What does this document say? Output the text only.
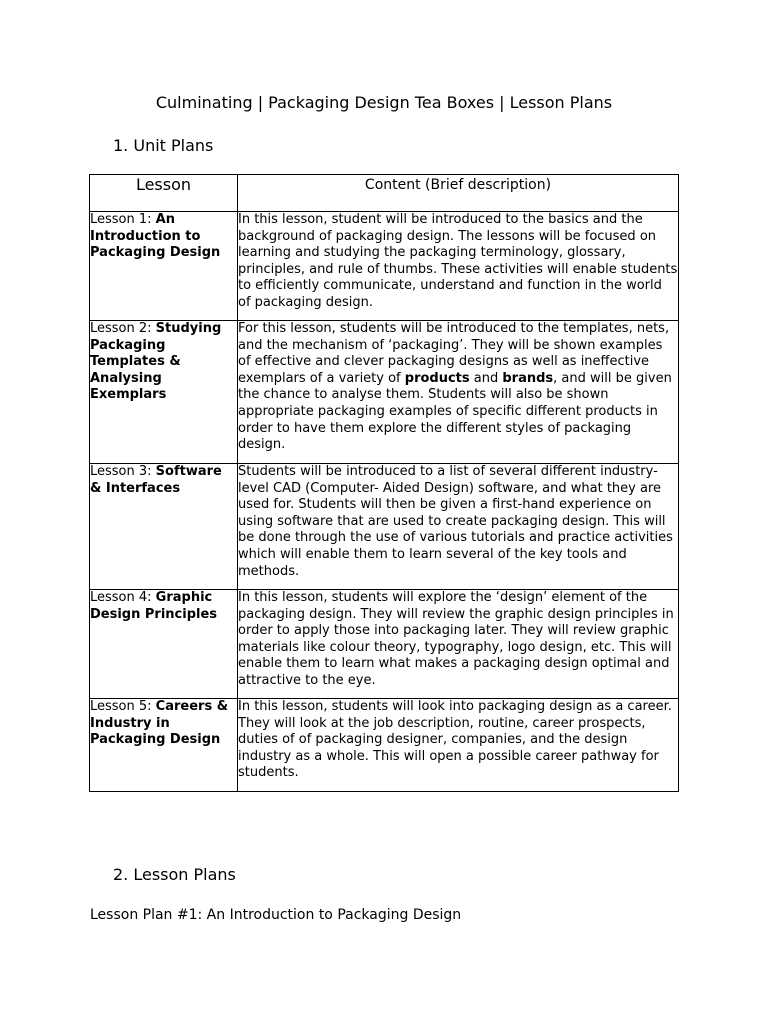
Culminating | Packaging Design Tea Boxes | Lesson Plans
1. Unit Plans
Lesson	Content (Brief description)
Lesson 1: An Introduction to Packaging Design	In this lesson, student will be introduced to the basics and the background of packaging design. The lessons will be focused on learning and studying the packaging terminology, glossary, principles, and rule of thumbs. These activities will enable students to efficiently communicate, understand and function in the world of packaging design.
Lesson 2: Studying Packaging Templates & Analysing Exemplars	For this lesson, students will be introduced to the templates, nets, and the mechanism of ‘packaging’. They will be shown examples of effective and clever packaging designs as well as ineffective exemplars of a variety of products and brands, and will be given the chance to analyse them. Students will also be shown appropriate packaging examples of specific different products in order to have them explore the different styles of packaging design.
Lesson 3: Software & Interfaces	Students will be introduced to a list of several different industry-level CAD (Computer- Aided Design) software, and what they are used for. Students will then be given a first-hand experience on using software that are used to create packaging design. This will be done through the use of various tutorials and practice activities which will enable them to learn several of the key tools and methods.
Lesson 4: Graphic Design Principles	In this lesson, students will explore the ‘design’ element of the packaging design. They will review the graphic design principles in order to apply those into packaging later. They will review graphic materials like colour theory, typography, logo design, etc. This will enable them to learn what makes a packaging design optimal and attractive to the eye.
Lesson 5: Careers & Industry in Packaging Design	In this lesson, students will look into packaging design as a career. They will look at the job description, routine, career prospects, duties of of packaging designer, companies, and the design industry as a whole. This will open a possible career pathway for students.
2. Lesson Plans
Lesson Plan #1: An Introduction to Packaging Design
